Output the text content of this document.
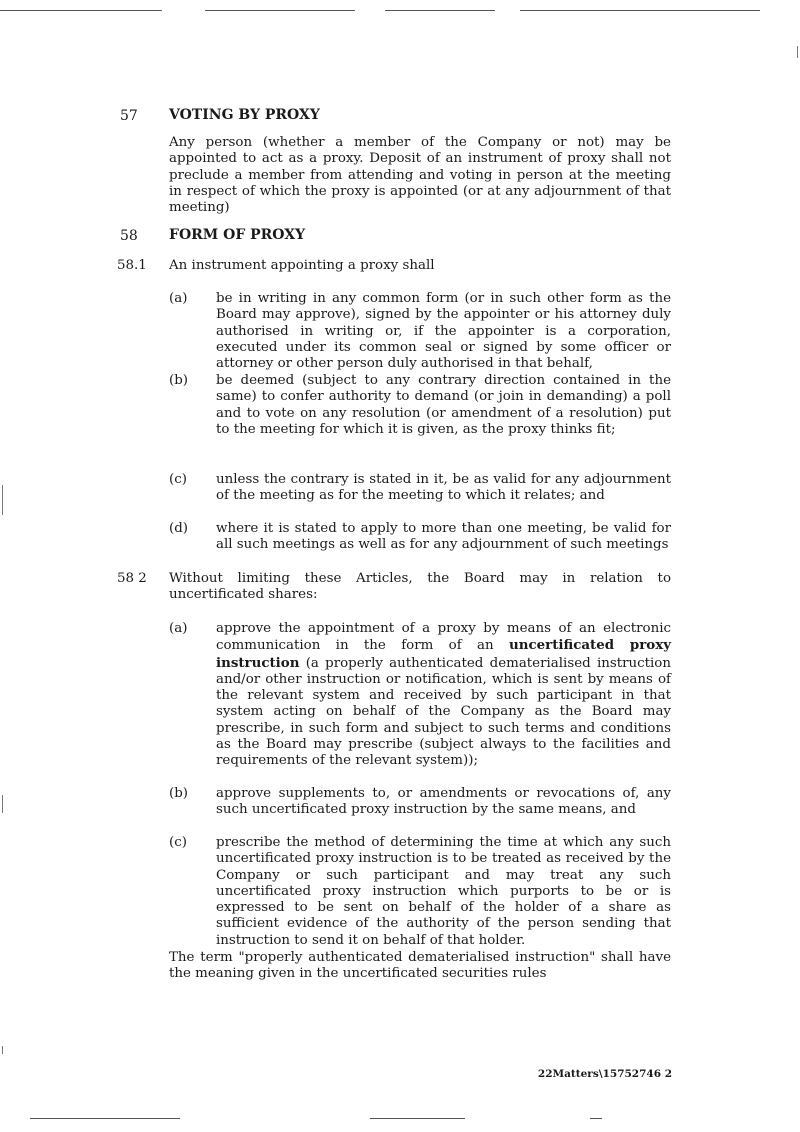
57 VOTING BY PROXY
Any person (whether a member of the Company or not) may be appointed to act as a proxy. Deposit of an instrument of proxy shall not preclude a member from attending and voting in person at the meeting in respect of which the proxy is appointed (or at any adjournment of that meeting)
58 FORM OF PROXY
58.1 An instrument appointing a proxy shall
(a) be in writing in any common form (or in such other form as the Board may approve), signed by the appointer or his attorney duly authorised in writing or, if the appointer is a corporation, executed under its common seal or signed by some officer or attorney or other person duly authorised in that behalf,
(b) be deemed (subject to any contrary direction contained in the same) to confer authority to demand (or join in demanding) a poll and to vote on any resolution (or amendment of a resolution) put to the meeting for which it is given, as the proxy thinks fit;
(c) unless the contrary is stated in it, be as valid for any adjournment of the meeting as for the meeting to which it relates; and
(d) where it is stated to apply to more than one meeting, be valid for all such meetings as well as for any adjournment of such meetings
58 2 Without limiting these Articles, the Board may in relation to uncertificated shares:
(a) approve the appointment of a proxy by means of an electronic communication in the form of an uncertificated proxy instruction (a properly authenticated dematerialised instruction and/or other instruction or notification, which is sent by means of the relevant system and received by such participant in that system acting on behalf of the Company as the Board may prescribe, in such form and subject to such terms and conditions as the Board may prescribe (subject always to the facilities and requirements of the relevant system));
(b) approve supplements to, or amendments or revocations of, any such uncertificated proxy instruction by the same means, and
(c) prescribe the method of determining the time at which any such uncertificated proxy instruction is to be treated as received by the Company or such participant and may treat any such uncertificated proxy instruction which purports to be or is expressed to be sent on behalf of the holder of a share as sufficient evidence of the authority of the person sending that instruction to send it on behalf of that holder.
The term "properly authenticated dematerialised instruction" shall have the meaning given in the uncertificated securities rules
22Matters\15752746 2
